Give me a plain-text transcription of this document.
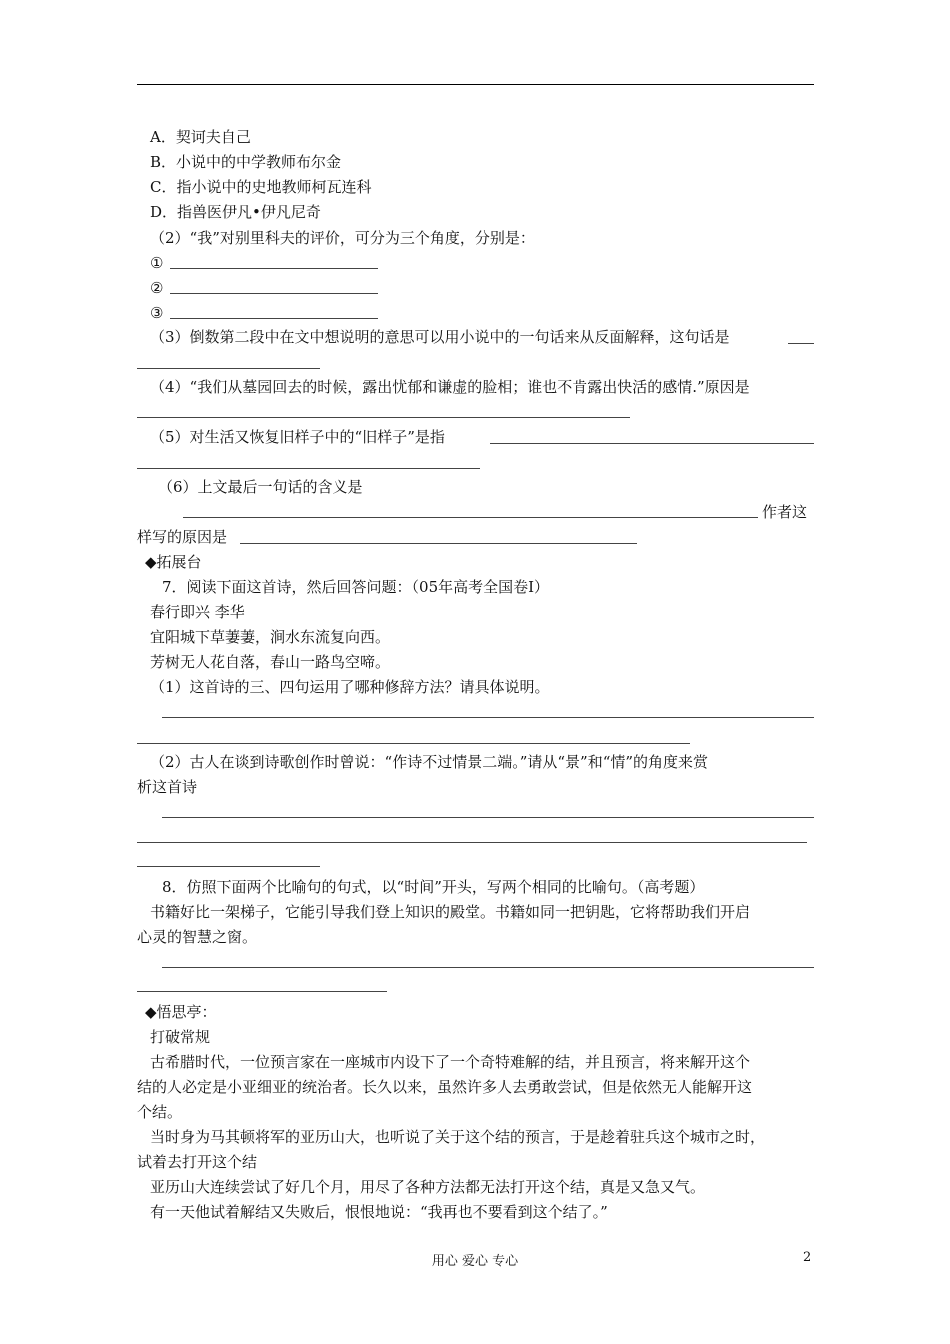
A．契诃夫自己
B．小说中的中学教师布尔金
C．指小说中的史地教师柯瓦连科
D．指兽医伊凡•伊凡尼奇
（2）“我”对别里科夫的评价，可分为三个角度，分别是：
①
②
③
（3）倒数第二段中在文中想说明的意思可以用小说中的一句话来从反面解释，这句话是
（4）“我们从墓园回去的时候，露出忧郁和谦虚的脸相；谁也不肯露出快活的感情.”原因是
（5）对生活又恢复旧样子中的“旧样子”是指
（6）上文最后一句话的含义是
作者这
样写的原因是
◆拓展台
7．阅读下面这首诗，然后回答问题：（05年高考全国卷I）
春行即兴 李华
宜阳城下草萋萋，涧水东流复向西。
芳树无人花自落，春山一路鸟空啼。
（1）这首诗的三、四句运用了哪种修辞方法？请具体说明。
（2）古人在谈到诗歌创作时曾说：“作诗不过情景二端。”请从“景”和“情”的角度来赏
析这首诗
8．仿照下面两个比喻句的句式，以“时间”开头，写两个相同的比喻句。（高考题）
书籍好比一架梯子，它能引导我们登上知识的殿堂。书籍如同一把钥匙，它将帮助我们开启
心灵的智慧之窗。
◆悟思亭：
打破常规
古希腊时代，一位预言家在一座城市内设下了一个奇特难解的结，并且预言，将来解开这个
结的人必定是小亚细亚的统治者。长久以来，虽然许多人去勇敢尝试，但是依然无人能解开这
个结。
当时身为马其顿将军的亚历山大，也听说了关于这个结的预言，于是趁着驻兵这个城市之时，
试着去打开这个结
亚历山大连续尝试了好几个月，用尽了各种方法都无法打开这个结，真是又急又气。
有一天他试着解结又失败后，恨恨地说：“我再也不要看到这个结了。”
用心 爱心 专心	2
